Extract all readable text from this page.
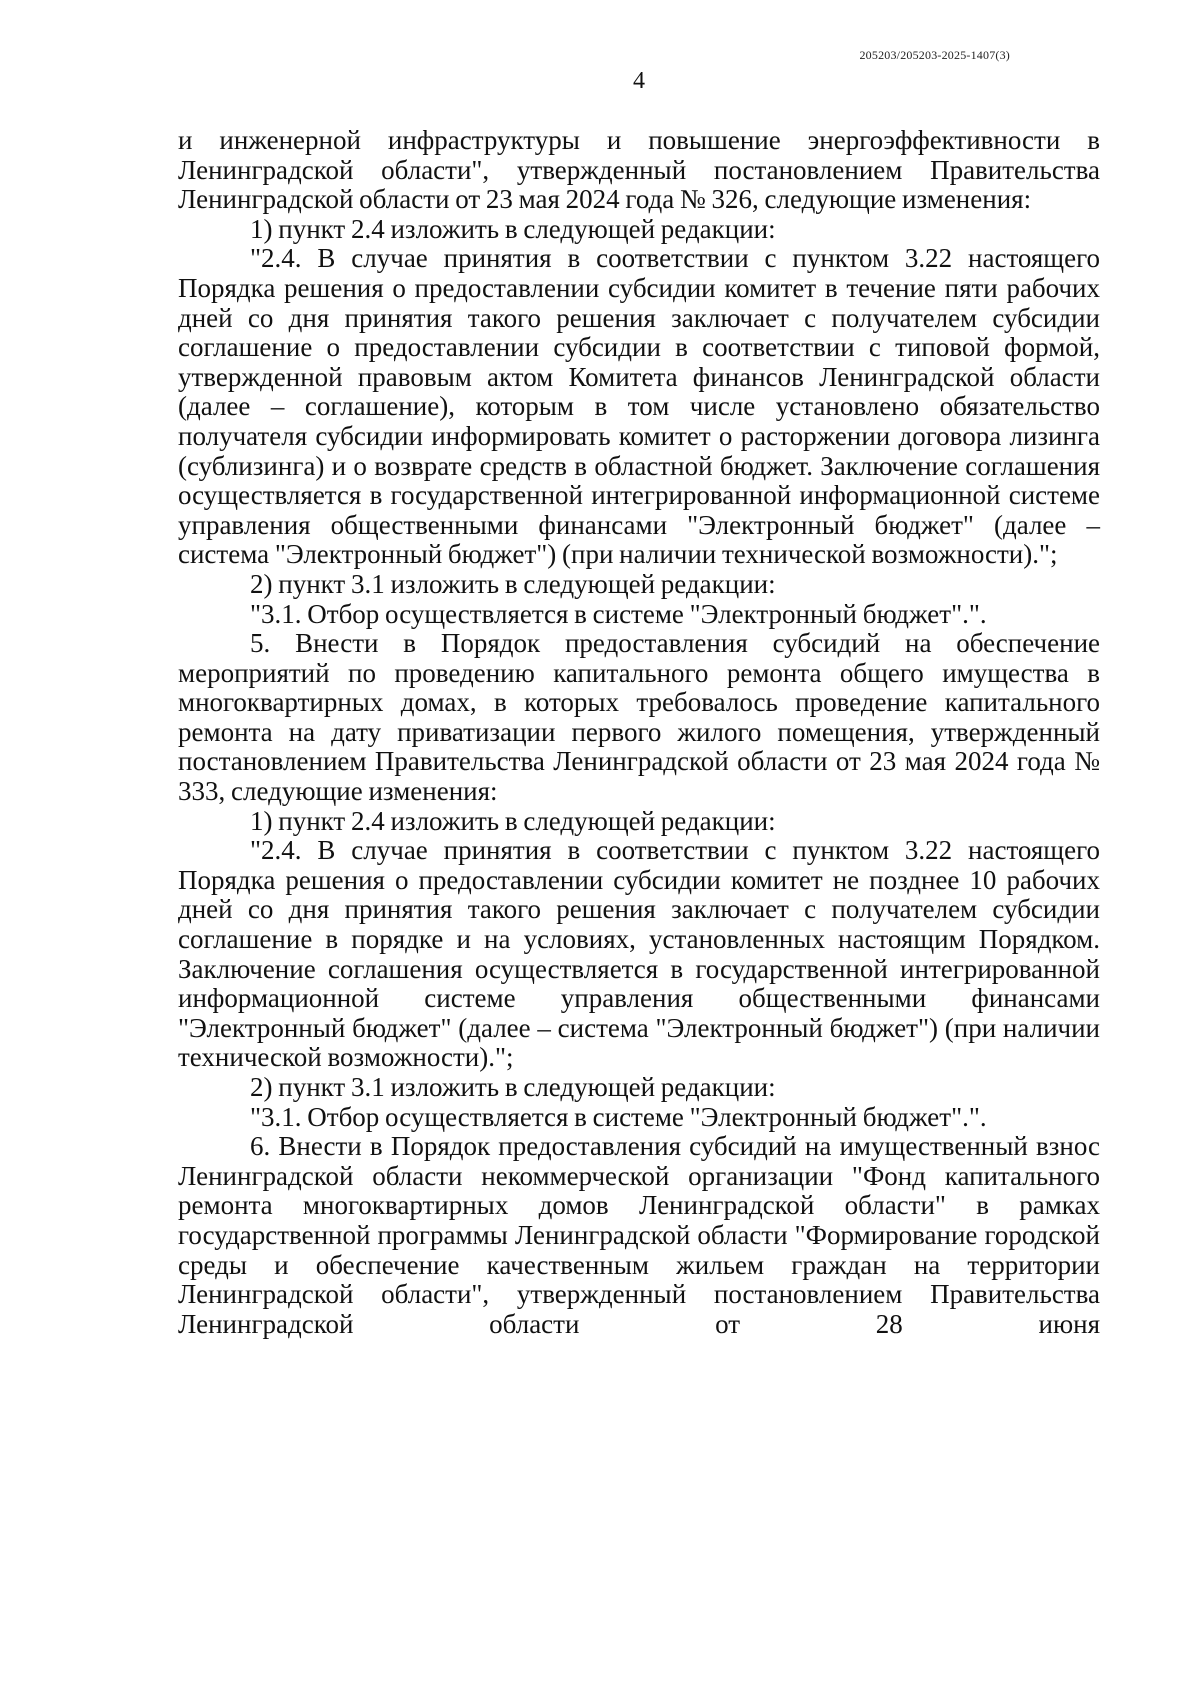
205203/205203-2025-1407(3)
4

и инженерной инфраструктуры и повышение энергоэффективности в Ленинградской области", утвержденный постановлением Правительства Ленинградской области от 23 мая 2024 года № 326, следующие изменения:

1) пункт 2.4 изложить в следующей редакции:

"2.4. В случае принятия в соответствии с пунктом 3.22 настоящего Порядка решения о предоставлении субсидии комитет в течение пяти рабочих дней со дня принятия такого решения заключает с получателем субсидии соглашение о предоставлении субсидии в соответствии с типовой формой, утвержденной правовым актом Комитета финансов Ленинградской области (далее – соглашение), которым в том числе установлено обязательство получателя субсидии информировать комитет о расторжении договора лизинга (сублизинга) и о возврате средств в областной бюджет. Заключение соглашения осуществляется в государственной интегрированной информационной системе управления общественными финансами "Электронный бюджет" (далее – система "Электронный бюджет") (при наличии технической возможности).";

2) пункт 3.1 изложить в следующей редакции:

"3.1. Отбор осуществляется в системе "Электронный бюджет".".

5. Внести в Порядок предоставления субсидий на обеспечение мероприятий по проведению капитального ремонта общего имущества в многоквартирных домах, в которых требовалось проведение капитального ремонта на дату приватизации первого жилого помещения, утвержденный постановлением Правительства Ленинградской области от 23 мая 2024 года № 333, следующие изменения:

1) пункт 2.4 изложить в следующей редакции:

"2.4. В случае принятия в соответствии с пунктом 3.22 настоящего Порядка решения о предоставлении субсидии комитет не позднее 10 рабочих дней со дня принятия такого решения заключает с получателем субсидии соглашение в порядке и на условиях, установленных настоящим Порядком. Заключение соглашения осуществляется в государственной интегрированной информационной системе управления общественными финансами "Электронный бюджет" (далее – система "Электронный бюджет") (при наличии технической возможности).";

2) пункт 3.1 изложить в следующей редакции:

"3.1. Отбор осуществляется в системе "Электронный бюджет".".

6. Внести в Порядок предоставления субсидий на имущественный взнос Ленинградской области некоммерческой организации "Фонд капитального ремонта многоквартирных домов Ленинградской области" в рамках государственной программы Ленинградской области "Формирование городской среды и обеспечение качественным жильем граждан на территории Ленинградской области", утвержденный постановлением Правительства Ленинградской области от 28 июня
